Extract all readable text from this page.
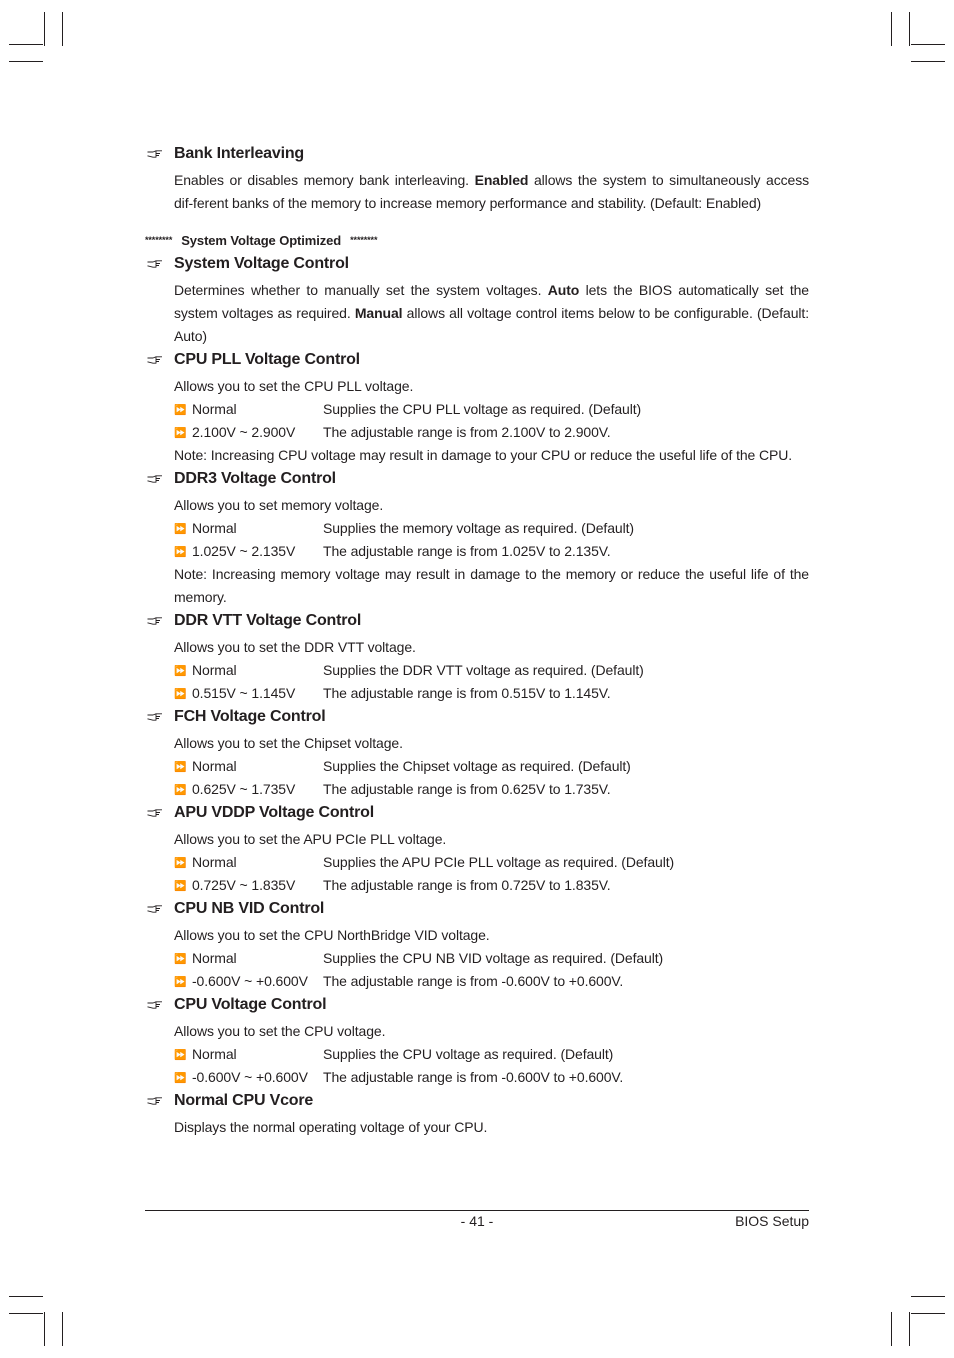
Bank Interleaving

Enables or disables memory bank interleaving. Enabled allows the system to simultaneously access dif-ferent banks of the memory to increase memory performance and stability. (Default: Enabled)

******** System Voltage Optimized ********
System Voltage Control

Determines whether to manually set the system voltages. Auto lets the BIOS automatically set the system voltages as required. Manual allows all voltage control items below to be configurable. (Default: Auto)

CPU PLL Voltage Control

Allows you to set the CPU PLL voltage.

⏩ Normal	Supplies the CPU PLL voltage as required. (Default)
⏩ 2.100V ~ 2.900V	The adjustable range is from 2.100V to 2.900V.

Note: Increasing CPU voltage may result in damage to your CPU or reduce the useful life of the CPU.

DDR3 Voltage Control

Allows you to set memory voltage.

⏩ Normal	Supplies the memory voltage as required. (Default)
⏩ 1.025V ~ 2.135V	The adjustable range is from 1.025V to 2.135V.

Note: Increasing memory voltage may result in damage to the memory or reduce the useful life of the memory.

DDR VTT Voltage Control

Allows you to set the DDR VTT voltage.

⏩ Normal	Supplies the DDR VTT voltage as required. (Default)
⏩ 0.515V ~ 1.145V	The adjustable range is from 0.515V to 1.145V.
FCH Voltage Control

Allows you to set the Chipset voltage.

⏩ Normal	Supplies the Chipset voltage as required. (Default)
⏩ 0.625V ~ 1.735V	The adjustable range is from 0.625V to 1.735V.
APU VDDP Voltage Control

Allows you to set the APU PCIe PLL voltage.

⏩ Normal	Supplies the APU PCIe PLL voltage as required. (Default)
⏩ 0.725V ~ 1.835V	The adjustable range is from 0.725V to 1.835V.
CPU NB VID Control

Allows you to set the CPU NorthBridge VID voltage.

⏩ Normal	Supplies the CPU NB VID voltage as required. (Default)
⏩ -0.600V ~ +0.600V	The adjustable range is from -0.600V to +0.600V.
CPU Voltage Control

Allows you to set the CPU voltage.

⏩ Normal	Supplies the CPU voltage as required. (Default)
⏩ -0.600V ~ +0.600V	The adjustable range is from -0.600V to +0.600V.
Normal CPU Vcore

Displays the normal operating voltage of your CPU.

- 41 -	BIOS Setup
